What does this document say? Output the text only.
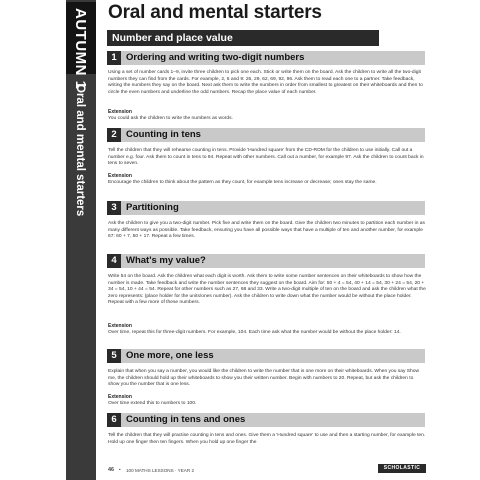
AUTUMN 1
Oral and mental starters
Oral and mental starters
Number and place value
1 Ordering and writing two-digit numbers

Using a set of number cards 1–9, invite three children to pick one each. Stick or write them on the board. Ask the children to write all the two-digit numbers they can find from the cards. For example, 2, 6 and 9: 26, 29, 62, 69, 92, 96. Ask them to read each one to a partner. Take feedback, writing the numbers they say on the board. Next ask them to write the numbers in order from smallest to greatest on their whiteboards and then to circle the even numbers and underline the odd numbers. Recap the place value of each number.

Extension

You could ask the children to write the numbers as words.

2 Counting in tens

Tell the children that they will rehearse counting in tens. Provide 'Hundred square' from the CD-ROM for the children to use initially. Call out a number e.g. four. Ask them to count in tens to 94. Repeat with other numbers. Call out a number, for example 97. Ask the children to count back in tens to seven.

Extension

Encourage the children to think about the pattern as they count, for example tens increase or decrease; ones stay the same.

3 Partitioning

Ask the children to give you a two-digit number. Pick five and write them on the board. Give the children two minutes to partition each number in as many different ways as possible. Take feedback, ensuring you have all possible ways that have a multiple of ten and another number, for example 67: 60 + 7, 50 + 17. Repeat a few times.

4 What's my value?

Write 54 on the board. Ask the children what each digit is worth. Ask them to write some number sentences on their whiteboards to show how the number is made. Take feedback and write the number sentences they suggest on the board. Aim for: 50 + 4 = 54, 40 + 14 = 54, 30 + 24 = 54, 20 + 34 = 54, 10 + 44 = 54. Repeat for other numbers such as 27, 68 and 33. Write a two-digit multiple of ten on the board and ask the children what the zero represents: (place holder for the units/ones number). Ask the children to write down what the number would be without the place holder. Repeat with a few more of these numbers.

Extension

Over time, repeat this for three-digit numbers. For example, 104. Each time ask what the number would be without the place holder: 14.

5 One more, one less

Explain that when you say a number, you would like the children to write the number that is one more on their whiteboards. When you say Show me, the children should hold up their whiteboards to show you their written number. Begin with numbers to 20. Repeat, but ask the children to show you the number that is one less.

Extension

Over time extend this to numbers to 100.

6 Counting in tens and ones

Tell the children that they will practise counting in tens and ones. Give them a 'Hundred square' to use and then a starting number, for example ten. Hold up one finger then ten fingers. When you hold up one finger the

46 • 100 MATHS LESSONS · YEAR 2	SCHOLASTIC
